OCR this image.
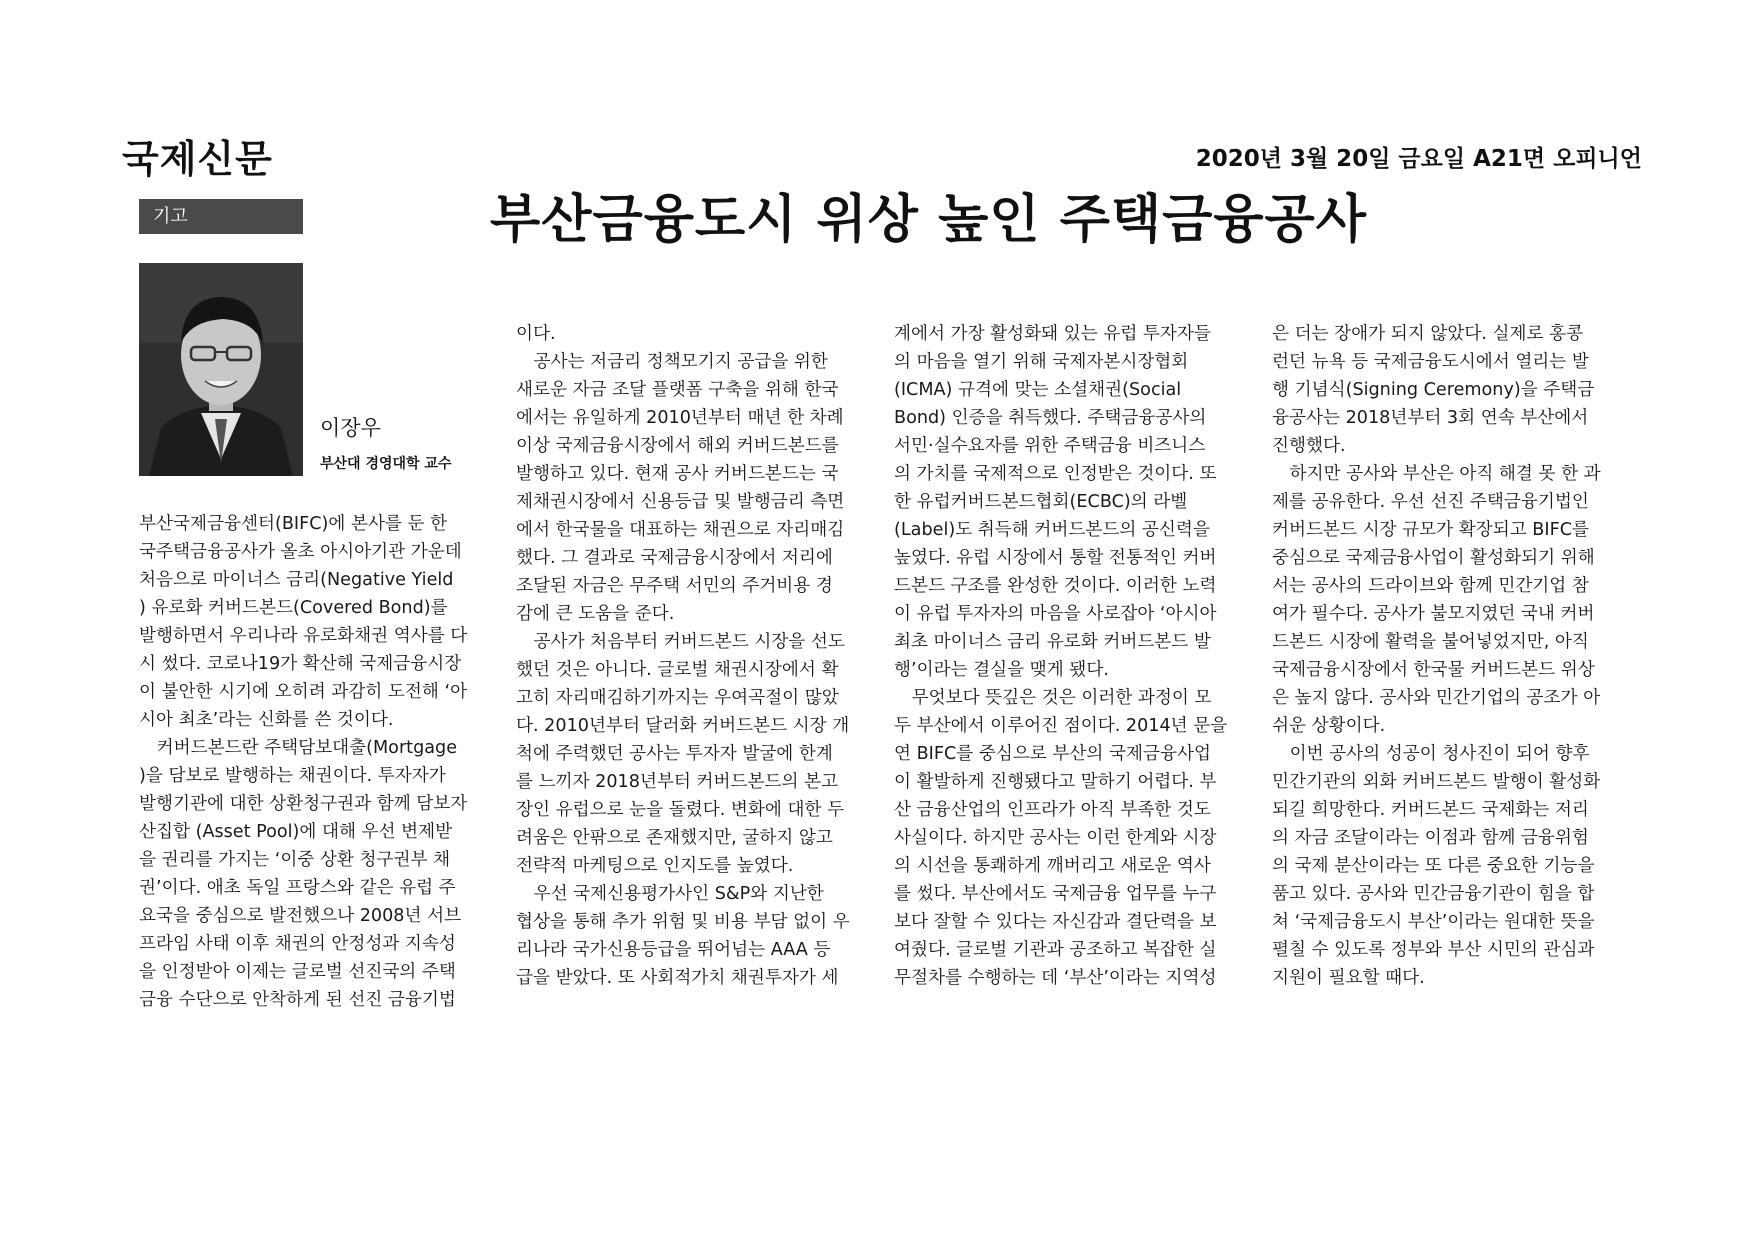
국제신문	2020년 3월 20일 금요일 A21면 오피니언
기고	부산금융도시 위상 높인 주택금융공사
이장우
부산대 경영대학 교수
부산국제금융센터(BIFC)에 본사를 둔 한
국주택금융공사가 올초 아시아기관 가운데
처음으로 마이너스 금리(Negative Yield
) 유로화 커버드본드(Covered Bond)를
발행하면서 우리나라 유로화채권 역사를 다
시 썼다. 코로나19가 확산해 국제금융시장
이 불안한 시기에 오히려 과감히 도전해 ‘아
시아 최초’라는 신화를 쓴 것이다.
　커버드본드란 주택담보대출(Mortgage
)을 담보로 발행하는 채권이다. 투자자가
발행기관에 대한 상환청구권과 함께 담보자
산집합 (Asset Pool)에 대해 우선 변제받
을 권리를 가지는 ‘이중 상환 청구권부 채
권’이다. 애초 독일 프랑스와 같은 유럽 주
요국을 중심으로 발전했으나 2008년 서브
프라임 사태 이후 채권의 안정성과 지속성
을 인정받아 이제는 글로벌 선진국의 주택
금융 수단으로 안착하게 된 선진 금융기법
이다.
　공사는 저금리 정책모기지 공급을 위한
새로운 자금 조달 플랫폼 구축을 위해 한국
에서는 유일하게 2010년부터 매년 한 차례
이상 국제금융시장에서 해외 커버드본드를
발행하고 있다. 현재 공사 커버드본드는 국
제채권시장에서 신용등급 및 발행금리 측면
에서 한국물을 대표하는 채권으로 자리매김
했다. 그 결과로 국제금융시장에서 저리에
조달된 자금은 무주택 서민의 주거비용 경
감에 큰 도움을 준다.
　공사가 처음부터 커버드본드 시장을 선도
했던 것은 아니다. 글로벌 채권시장에서 확
고히 자리매김하기까지는 우여곡절이 많았
다. 2010년부터 달러화 커버드본드 시장 개
척에 주력했던 공사는 투자자 발굴에 한계
를 느끼자 2018년부터 커버드본드의 본고
장인 유럽으로 눈을 돌렸다. 변화에 대한 두
려움은 안팎으로 존재했지만, 굴하지 않고
전략적 마케팅으로 인지도를 높였다.
　우선 국제신용평가사인 S&P와 지난한
협상을 통해 추가 위험 및 비용 부담 없이 우
리나라 국가신용등급을 뛰어넘는 AAA 등
급을 받았다. 또 사회적가치 채권투자가 세
계에서 가장 활성화돼 있는 유럽 투자자들
의 마음을 열기 위해 국제자본시장협회
(ICMA) 규격에 맞는 소셜채권(Social
Bond) 인증을 취득했다. 주택금융공사의
서민·실수요자를 위한 주택금융 비즈니스
의 가치를 국제적으로 인정받은 것이다. 또
한 유럽커버드본드협회(ECBC)의 라벨
(Label)도 취득해 커버드본드의 공신력을
높였다. 유럽 시장에서 통할 전통적인 커버
드본드 구조를 완성한 것이다. 이러한 노력
이 유럽 투자자의 마음을 사로잡아 ‘아시아
최초 마이너스 금리 유로화 커버드본드 발
행’이라는 결실을 맺게 됐다.
　무엇보다 뜻깊은 것은 이러한 과정이 모
두 부산에서 이루어진 점이다. 2014년 문을
연 BIFC를 중심으로 부산의 국제금융사업
이 활발하게 진행됐다고 말하기 어렵다. 부
산 금융산업의 인프라가 아직 부족한 것도
사실이다. 하지만 공사는 이런 한계와 시장
의 시선을 통쾌하게 깨버리고 새로운 역사
를 썼다. 부산에서도 국제금융 업무를 누구
보다 잘할 수 있다는 자신감과 결단력을 보
여줬다. 글로벌 기관과 공조하고 복잡한 실
무절차를 수행하는 데 ‘부산’이라는 지역성
은 더는 장애가 되지 않았다. 실제로 홍콩
런던 뉴욕 등 국제금융도시에서 열리는 발
행 기념식(Signing Ceremony)을 주택금
융공사는 2018년부터 3회 연속 부산에서
진행했다.
　하지만 공사와 부산은 아직 해결 못 한 과
제를 공유한다. 우선 선진 주택금융기법인
커버드본드 시장 규모가 확장되고 BIFC를
중심으로 국제금융사업이 활성화되기 위해
서는 공사의 드라이브와 함께 민간기업 참
여가 필수다. 공사가 불모지였던 국내 커버
드본드 시장에 활력을 불어넣었지만, 아직
국제금융시장에서 한국물 커버드본드 위상
은 높지 않다. 공사와 민간기업의 공조가 아
쉬운 상황이다.
　이번 공사의 성공이 청사진이 되어 향후
민간기관의 외화 커버드본드 발행이 활성화
되길 희망한다. 커버드본드 국제화는 저리
의 자금 조달이라는 이점과 함께 금융위험
의 국제 분산이라는 또 다른 중요한 기능을
품고 있다. 공사와 민간금융기관이 힘을 합
쳐 ‘국제금융도시 부산’이라는 원대한 뜻을
펼칠 수 있도록 정부와 부산 시민의 관심과
지원이 필요할 때다.
